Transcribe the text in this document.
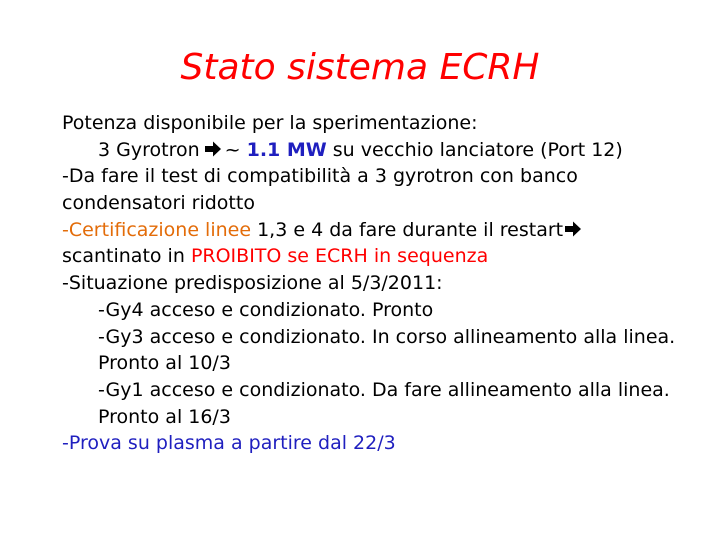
Stato sistema ECRH
Potenza disponibile per la sperimentazione:
3 Gyrotron ~ 1.1 MW su vecchio lanciatore (Port 12)
-Da fare il test di compatibilità a 3 gyrotron con banco
condensatori ridotto
-Certificazione linee 1,3 e 4 da fare durante il restart
scantinato in PROIBITO se ECRH in sequenza
-Situazione predisposizione al 5/3/2011:
-Gy4 acceso e condizionato. Pronto
-Gy3 acceso e condizionato. In corso allineamento alla linea.
Pronto al 10/3
-Gy1 acceso e condizionato. Da fare allineamento alla linea.
Pronto al 16/3
-Prova su plasma a partire dal 22/3
